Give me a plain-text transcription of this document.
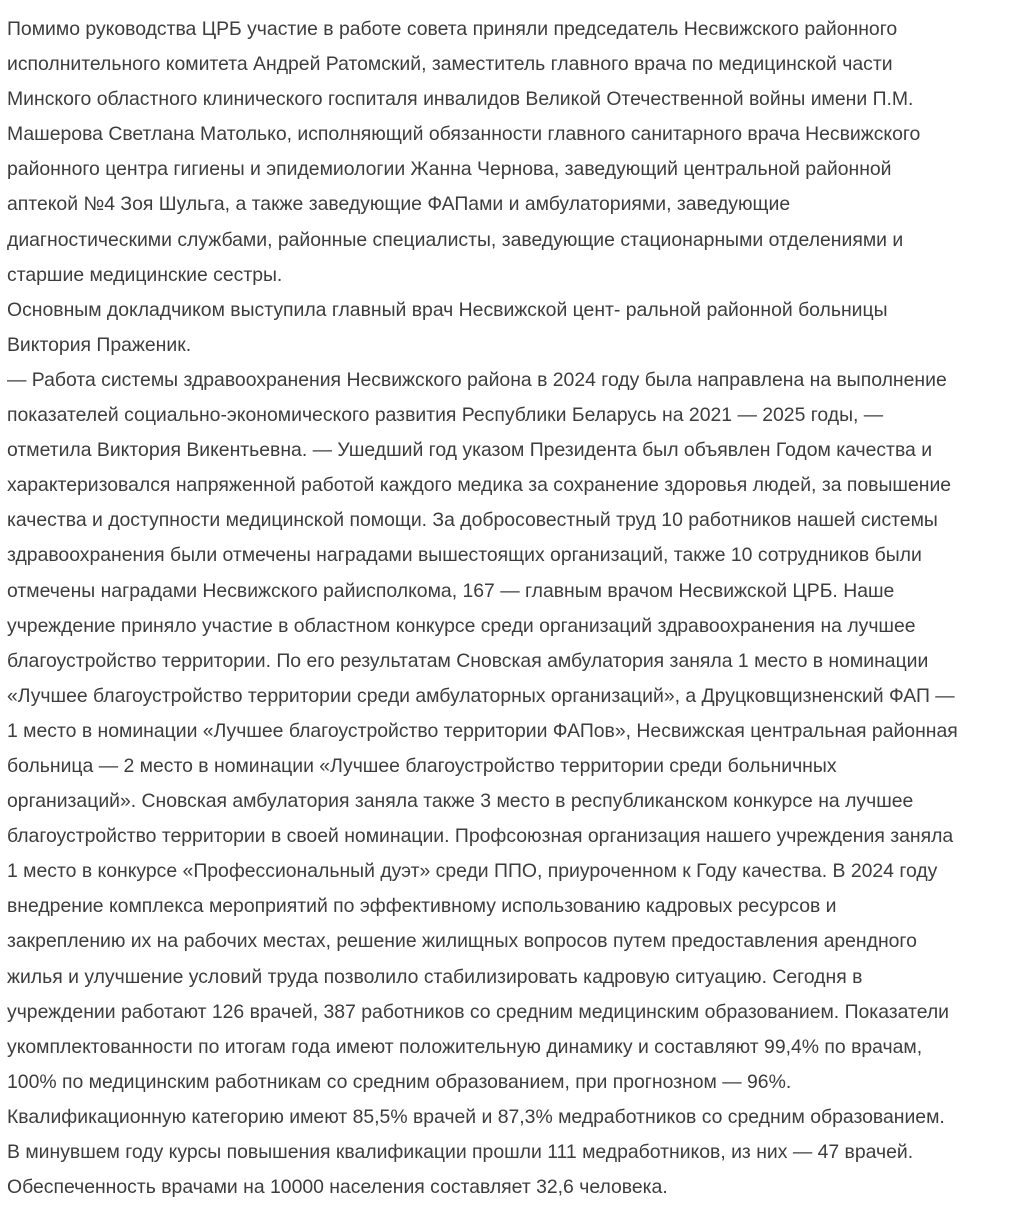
Помимо руководства ЦРБ участие в работе совета приняли председатель Несвижского районного
исполнительного комитета Андрей Ратомский, заместитель главного врача по медицинской части
Минского областного клинического госпиталя инвалидов Великой Отечественной войны имени П.М.
Машерова Светлана Матолько, исполняющий обязанности главного санитарного врача Несвижского
районного центра гигиены и эпидемиологии Жанна Чернова, заведующий центральной районной
аптекой №4 Зоя Шульга, а также заведующие ФАПами и амбулаториями, заведующие
диагностическими службами, районные специалисты, заведующие стационарными отделениями и
старшие медицинские сестры.
Основным докладчиком выступила главный врач Несвижской цент- ральной районной больницы
Виктория Праженик.
— Работа системы здравоохранения Несвижского района в 2024 году была направлена на выполнение
показателей социально-экономического развития Республики Беларусь на 2021 — 2025 годы, —
отметила Виктория Викентьевна. — Ушедший год указом Президента был объявлен Годом качества и
характеризовался напряженной работой каждого медика за сохранение здоровья людей, за повышение
качества и доступности медицинской помощи. За добросовестный труд 10 работников нашей системы
здравоохранения были отмечены наградами вышестоящих организаций, также 10 сотрудников были
отмечены наградами Несвижского райисполкома, 167 — главным врачом Несвижской ЦРБ. Наше
учреждение приняло участие в областном конкурсе среди организаций здравоохранения на лучшее
благоустройство территории. По его результатам Сновская амбулатория заняла 1 место в номинации
«Лучшее благоустройство территории среди амбулаторных организаций», а Друцковщизненский ФАП —
1 место в номинации «Лучшее благоустройство территории ФАПов», Несвижская центральная районная
больница — 2 место в номинации «Лучшее благоустройство территории среди больничных
организаций». Сновская амбулатория заняла также 3 место в республиканском конкурсе на лучшее
благоустройство территории в своей номинации. Профсоюзная организация нашего учреждения заняла
1 место в конкурсе «Профессиональный дуэт» среди ППО, приуроченном к Году качества. В 2024 году
внедрение комплекса мероприятий по эффективному использованию кадровых ресурсов и
закреплению их на рабочих местах, решение жилищных вопросов путем предоставления арендного
жилья и улучшение условий труда позволило стабилизировать кадровую ситуацию. Сегодня в
учреждении работают 126 врачей, 387 работников со средним медицинским образованием. Показатели
укомплектованности по итогам года имеют положительную динамику и составляют 99,4% по врачам,
100% по медицинским работникам со средним образованием, при прогнозном — 96%.
Квалификационную категорию имеют 85,5% врачей и 87,3% медработников со средним образованием.
В минувшем году курсы повышения квалификации прошли 111 медработников, из них — 47 врачей.
Обеспеченность врачами на 10000 населения составляет 32,6 человека.
